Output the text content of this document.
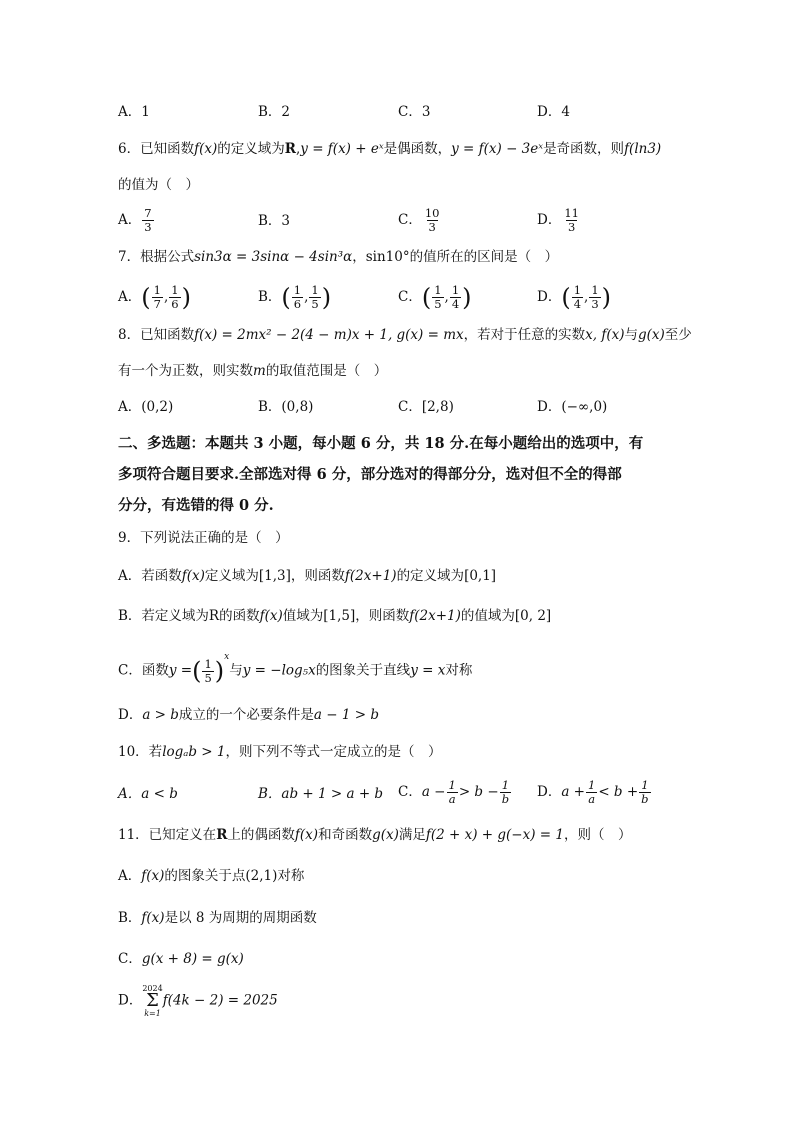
A．1	B．2	C．3	D．4
6．已知函数f(x)的定义域为R,y = f(x) + eˣ是偶函数，y = f(x) − 3eˣ是奇函数，则f(ln3)
的值为（　）
A． $\frac{7}{3}$	B．3	C． $\frac{10}{3}$	D． $\frac{11}{3}$
7．根据公式sin3α = 3sinα − 4sin³α，sin10°的值所在的区间是（　）
A．( $\frac{1}{7}$ , $\frac{1}{6}$ )	B．( $\frac{1}{6}$ , $\frac{1}{5}$ )	C．( $\frac{1}{5}$ , $\frac{1}{4}$ )	D．( $\frac{1}{4}$ , $\frac{1}{3}$ )
8．已知函数f(x) = 2mx² − 2(4 − m)x + 1, g(x) = mx，若对于任意的实数x, f(x)与g(x)至少
有一个为正数，则实数m的取值范围是（　）
A．(0,2)	B．(0,8)	C．[2,8)	D．(−∞,0)
二、多选题：本题共 3 小题，每小题 6 分，共 18 分.在每小题给出的选项中，有
多项符合题目要求.全部选对得 6 分，部分选对的得部分分，选对但不全的得部
分分，有选错的得 0 分.
9．下列说法正确的是（　）
A．若函数f(x)定义域为[1,3]，则函数f(2x+1)的定义域为[0,1]
B．若定义域为R的函数f(x)值域为[1,5]，则函数f(2x+1)的值域为[0, 2]
C．函数y =( $\frac{1}{5} )^x$与y = −log₅x的图象关于直线y = x对称
D．a > b成立的一个必要条件是a − 1 > b
10．若logₐb > 1，则下列不等式一定成立的是（　）
A．a < b	B．ab + 1 > a + b C．$a - \frac{1}{a} > b - \frac{1}{b}$ D．$a + \frac{1}{a} < b + \frac{1}{b}$
11．已知定义在R上的偶函数f(x)和奇函数g(x)满足f(2 + x) + g(−x) = 1，则（　）
A．f(x)的图象关于点(2,1)对称
B．f(x)是以 8 为周期的周期函数
C．g(x + 8) = g(x)
D．
2024
Σ
k=1
f(4k − 2) = 2025
